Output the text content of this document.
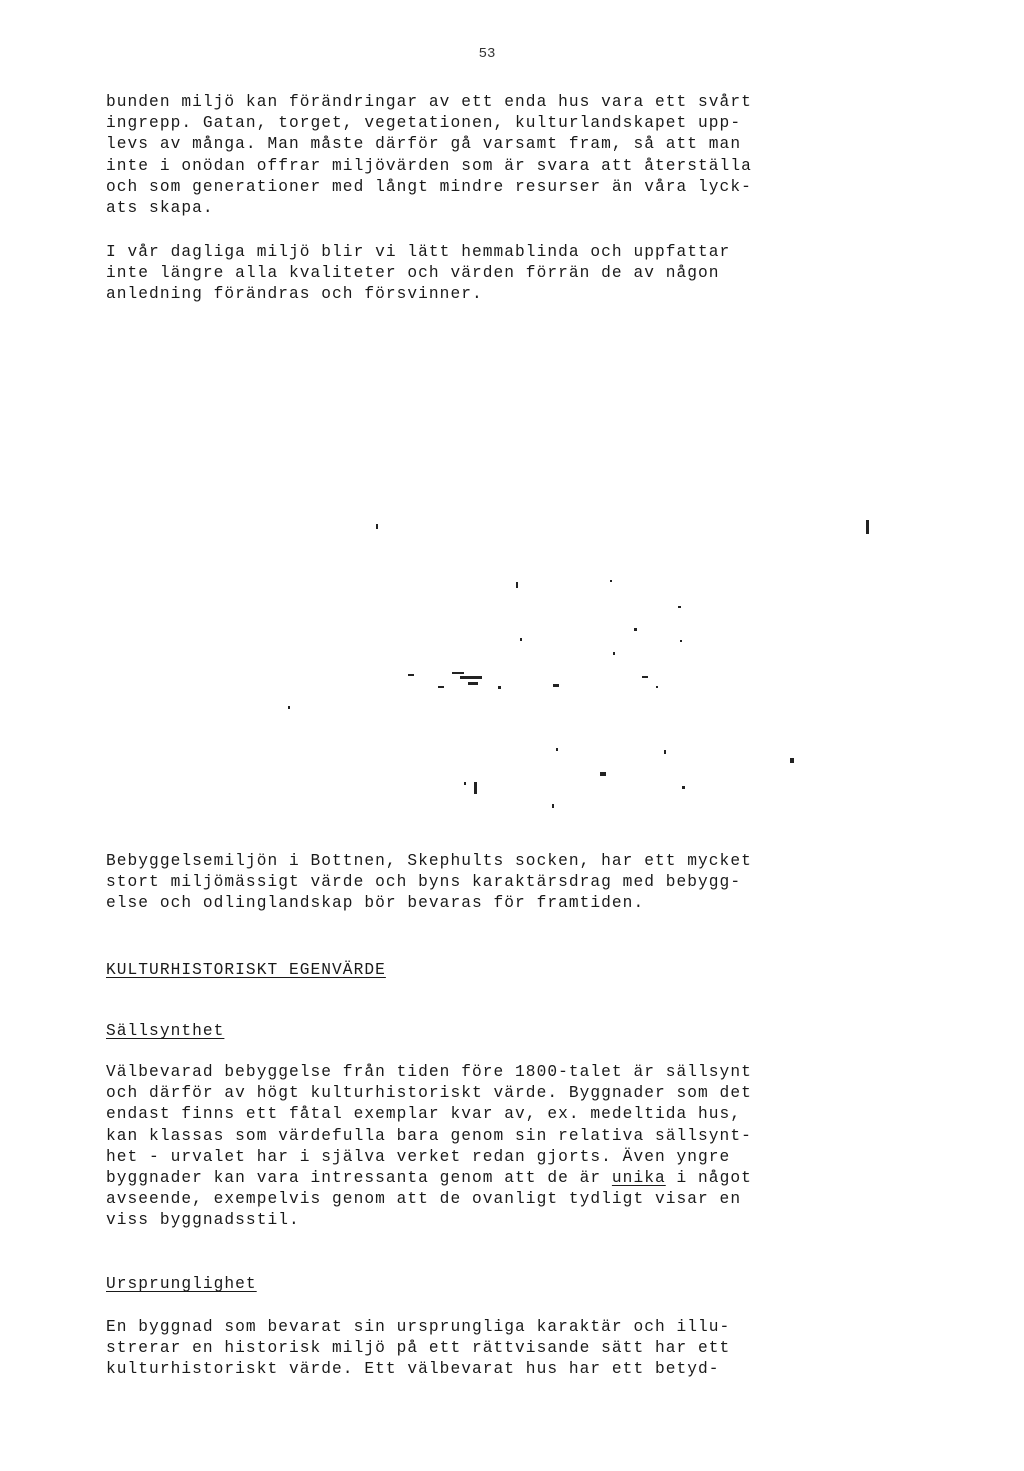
53
bunden miljö kan förändringar av ett enda hus vara ett svårt
ingrepp. Gatan, torget, vegetationen, kulturlandskapet upp-
levs av många. Man måste därför gå varsamt fram, så att man
inte i onödan offrar miljövärden som är svara att återställa
och som generationer med långt mindre resurser än våra lyck-
ats skapa.
I vår dagliga miljö blir vi lätt hemmablinda och uppfattar
inte längre alla kvaliteter och värden förrän de av någon
anledning förändras och försvinner.
Bebyggelsemiljön i Bottnen, Skephults socken, har ett mycket
stort miljömässigt värde och byns karaktärsdrag med bebygg-
else och odlinglandskap bör bevaras för framtiden.
KULTURHISTORISKT EGENVÄRDE
Sällsynthet
Välbevarad bebyggelse från tiden före 1800-talet är sällsynt
och därför av högt kulturhistoriskt värde. Byggnader som det
endast finns ett fåtal exemplar kvar av, ex. medeltida hus,
kan klassas som värdefulla bara genom sin relativa sällsynt-
het - urvalet har i själva verket redan gjorts. Även yngre
byggnader kan vara intressanta genom att de är unika i något
avseende, exempelvis genom att de ovanligt tydligt visar en
viss byggnadsstil.
Ursprunglighet
En byggnad som bevarat sin ursprungliga karaktär och illu-
strerar en historisk miljö på ett rättvisande sätt har ett
kulturhistoriskt värde. Ett välbevarat hus har ett betyd-
